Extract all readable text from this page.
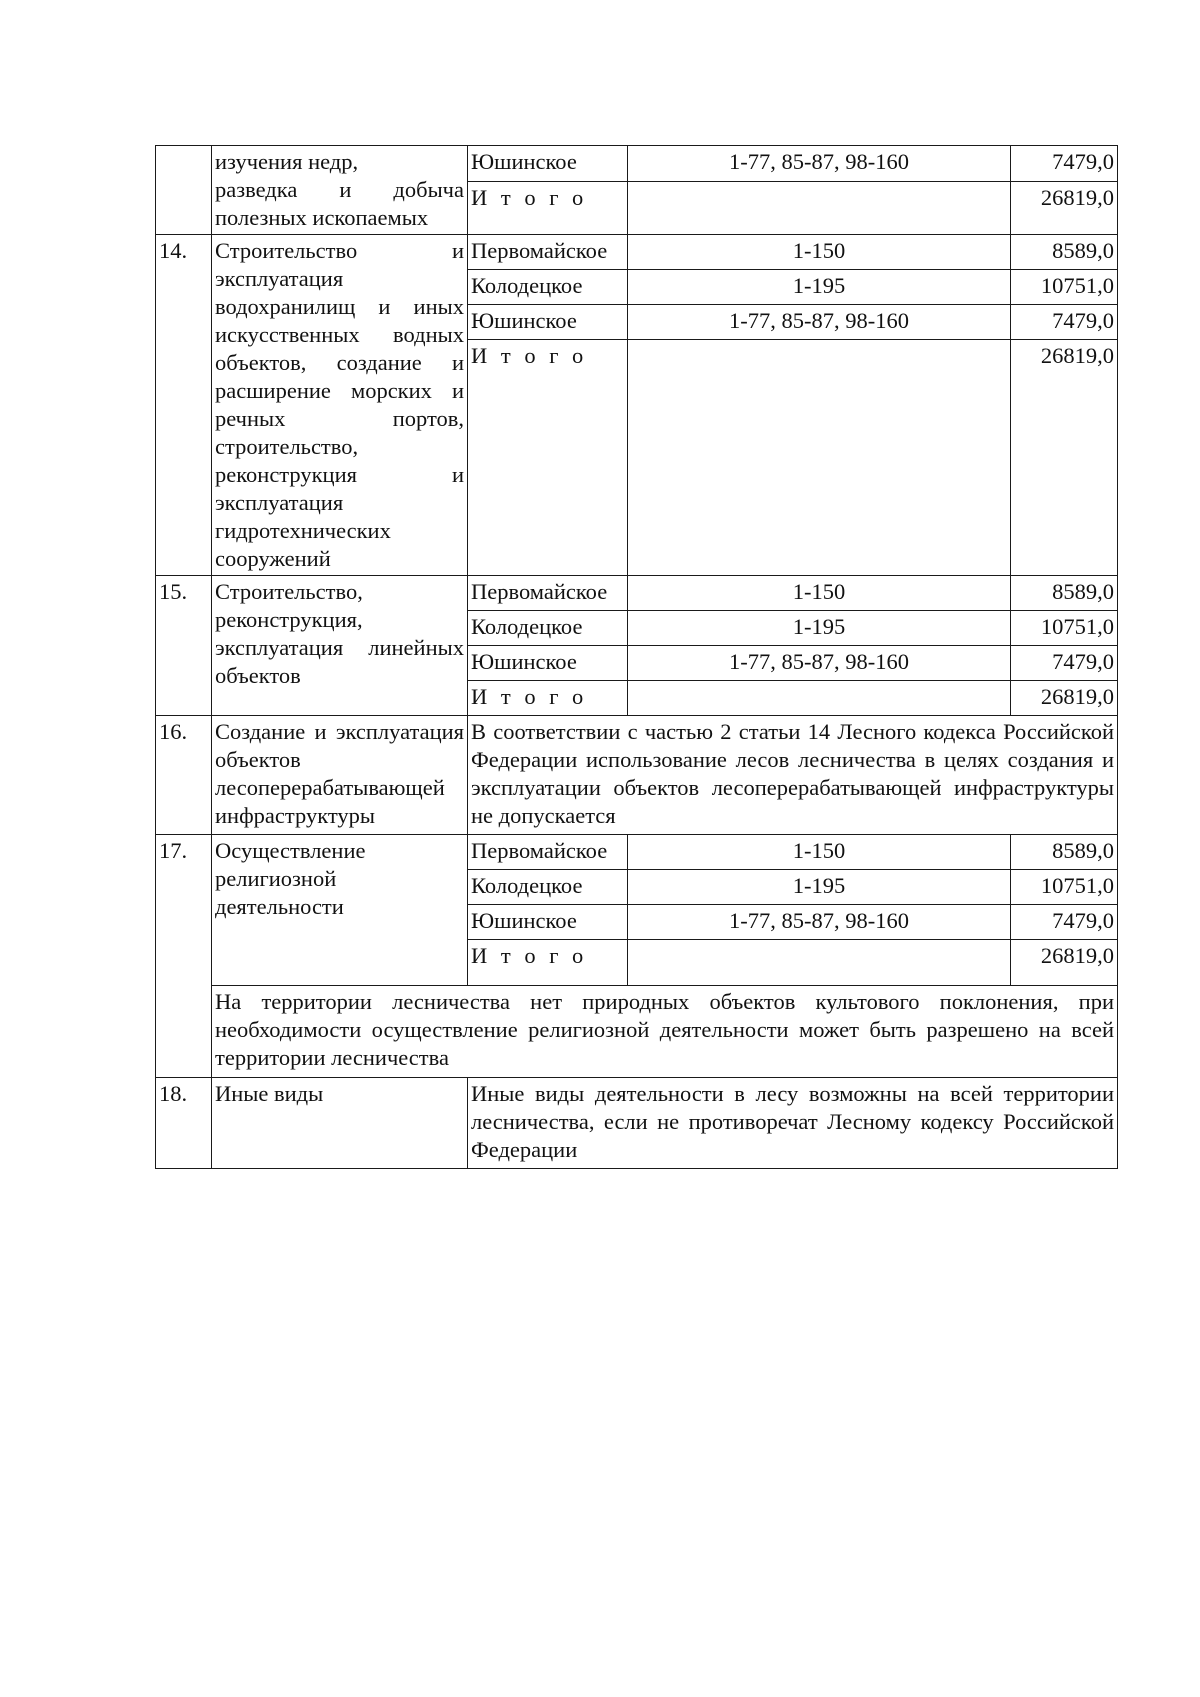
	изучения недр,
разведка и добыча
полезных ископаемых	Юшинское	1-77, 85-87, 98-160	7479,0
		И т о г о		26819,0
14.	Строительство и эксплуатация водохранилищ и иных искусственных водных объектов, создание и расширение морских и речных портов, строительство, реконструкция и эксплуатация гидротехнических сооружений	Первомайское	1-150	8589,0
		Колодецкое	1-195	10751,0
		Юшинское	1-77, 85-87, 98-160	7479,0
		И т о г о		26819,0
15.	Строительство, реконструкция, эксплуатация линейных объектов	Первомайское	1-150	8589,0
		Колодецкое	1-195	10751,0
		Юшинское	1-77, 85-87, 98-160	7479,0
		И т о г о		26819,0
16.	Создание и эксплуатация объектов лесоперерабатывающей инфраструктуры	В соответствии с частью 2 статьи 14 Лесного кодекса Российской Федерации использование лесов лесничества в целях создания и эксплуатации объектов лесоперерабатывающей инфраструктуры не допускается		
17.	Осуществление религиозной деятельности	Первомайское	1-150	8589,0
		Колодецкое	1-195	10751,0
		Юшинское	1-77, 85-87, 98-160	7479,0
		И т о г о		26819,0
	На территории лесничества нет природных объектов культового поклонения, при необходимости осуществление религиозной деятельности может быть разрешено на всей территории лесничества			
18.	Иные виды	Иные виды деятельности в лесу возможны на всей территории лесничества, если не противоречат Лесному кодексу Российской Федерации		
